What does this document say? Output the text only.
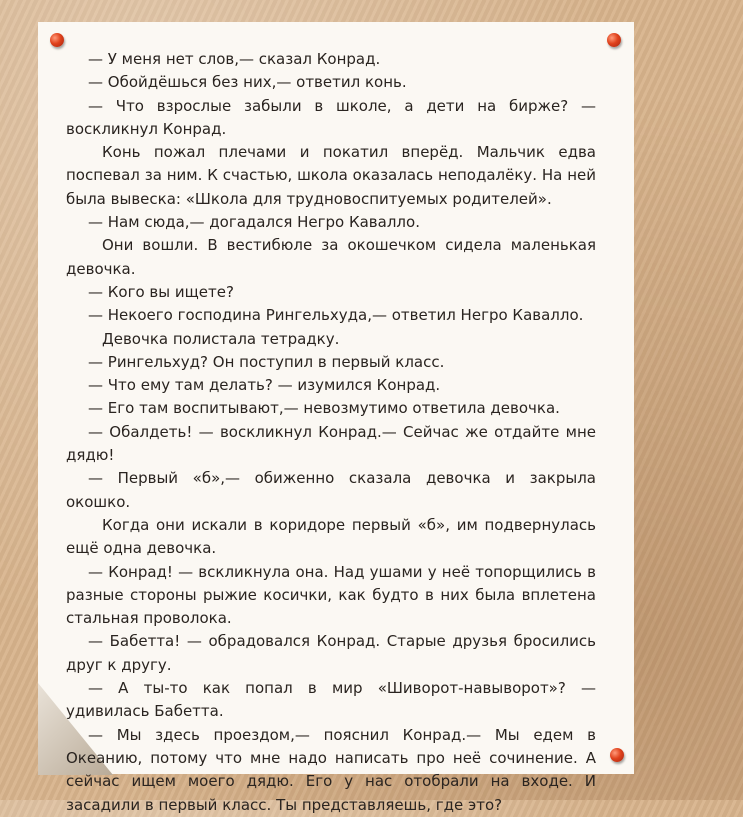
— У меня нет слов,— сказал Конрад.

— Обойдёшься без них,— ответил конь.

— Что взрослые забыли в школе, а дети на бирже? — воскликнул Конрад.

Конь пожал плечами и покатил вперёд. Мальчик едва поспевал за ним. К счастью, школа оказалась неподалёку. На ней была вывеска: «Школа для трудновоспитуемых родителей».

— Нам сюда,— догадался Негро Кавалло.

Они вошли. В вестибюле за окошечком сидела маленькая девочка.

— Кого вы ищете?

— Некоего господина Рингельхуда,— ответил Негро Кавалло.

Девочка полистала тетрадку.

— Рингельхуд? Он поступил в первый класс.

— Что ему там делать? — изумился Конрад.

— Его там воспитывают,— невозмутимо ответила девочка.

— Обалдеть! — воскликнул Конрад.— Сейчас же отдайте мне дядю!

— Первый «б»,— обиженно сказала девочка и закрыла окошко.

Когда они искали в коридоре первый «б», им подвернулась ещё одна девочка.

— Конрад! — вскликнула она. Над ушами у неё топорщились в разные стороны рыжие косички, как будто в них была вплетена стальная проволока.

— Бабетта! — обрадовался Конрад. Старые друзья бросились друг к другу.

— А ты-то как попал в мир «Шиворот-навыворот»? — удивилась Бабетта.

— Мы здесь проездом,— пояснил Конрад.— Мы едем в Океанию, потому что мне надо написать про неё сочинение. А сейчас ищем моего дядю. Его у нас отобрали на входе. И засадили в первый класс. Ты представляешь, где это?
